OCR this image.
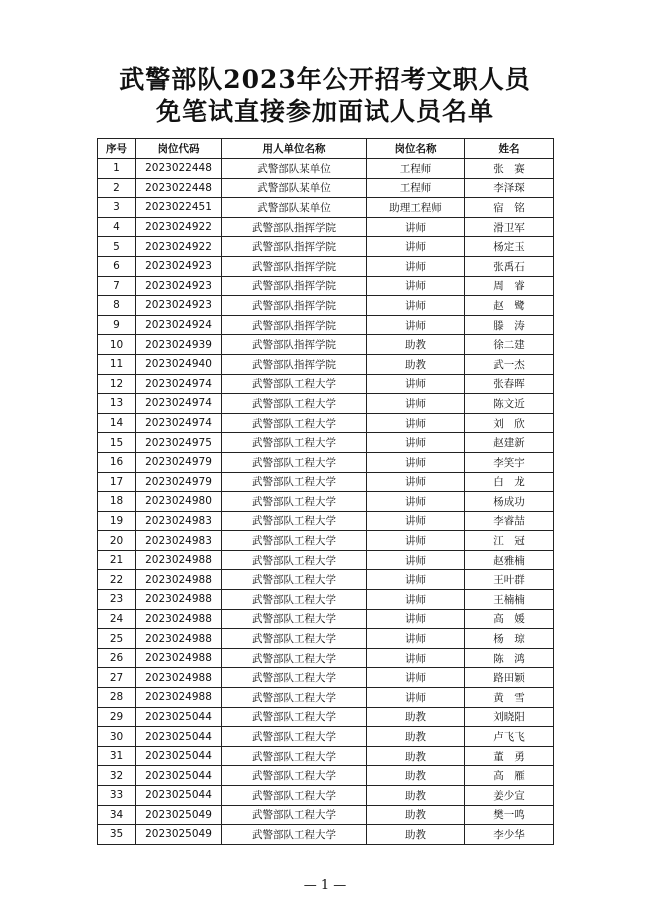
武警部队2023年公开招考文职人员
免笔试直接参加面试人员名单
序号	岗位代码	用人单位名称	岗位名称	姓名
1	2023022448	武警部队某单位	工程师	张　赛
2	2023022448	武警部队某单位	工程师	李泽琛
3	2023022451	武警部队某单位	助理工程师	宿　铭
4	2023024922	武警部队指挥学院	讲师	滑卫军
5	2023024922	武警部队指挥学院	讲师	杨定玉
6	2023024923	武警部队指挥学院	讲师	张禹石
7	2023024923	武警部队指挥学院	讲师	周　睿
8	2023024923	武警部队指挥学院	讲师	赵　鹭
9	2023024924	武警部队指挥学院	讲师	滕　涛
10	2023024939	武警部队指挥学院	助教	徐二建
11	2023024940	武警部队指挥学院	助教	武一杰
12	2023024974	武警部队工程大学	讲师	张春晖
13	2023024974	武警部队工程大学	讲师	陈文近
14	2023024974	武警部队工程大学	讲师	刘　欣
15	2023024975	武警部队工程大学	讲师	赵建新
16	2023024979	武警部队工程大学	讲师	李笑宇
17	2023024979	武警部队工程大学	讲师	白　龙
18	2023024980	武警部队工程大学	讲师	杨成功
19	2023024983	武警部队工程大学	讲师	李睿喆
20	2023024983	武警部队工程大学	讲师	江　冠
21	2023024988	武警部队工程大学	讲师	赵雅楠
22	2023024988	武警部队工程大学	讲师	王叶群
23	2023024988	武警部队工程大学	讲师	王楠楠
24	2023024988	武警部队工程大学	讲师	高　媛
25	2023024988	武警部队工程大学	讲师	杨　琼
26	2023024988	武警部队工程大学	讲师	陈　鸿
27	2023024988	武警部队工程大学	讲师	路田颖
28	2023024988	武警部队工程大学	讲师	黄　雪
29	2023025044	武警部队工程大学	助教	刘晓阳
30	2023025044	武警部队工程大学	助教	卢飞飞
31	2023025044	武警部队工程大学	助教	董　勇
32	2023025044	武警部队工程大学	助教	高　雁
33	2023025044	武警部队工程大学	助教	姜少宣
34	2023025049	武警部队工程大学	助教	樊一鸣
35	2023025049	武警部队工程大学	助教	李少华
— 1 —
